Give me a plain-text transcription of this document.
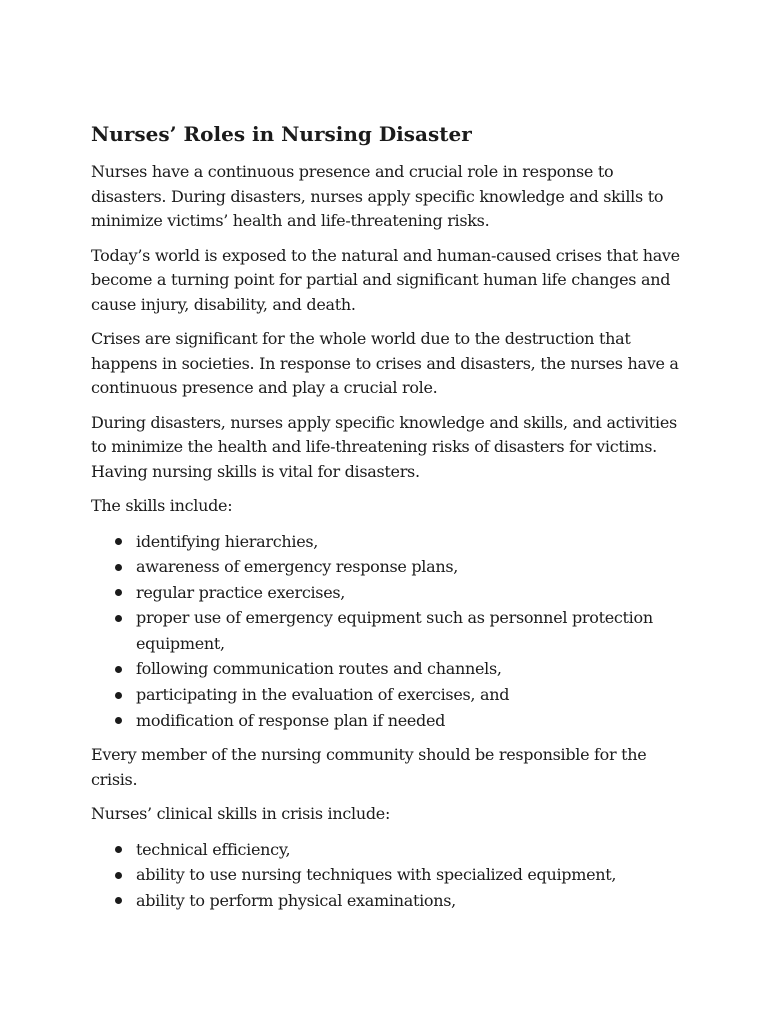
Nurses’ Roles in Nursing Disaster

Nurses have a continuous presence and crucial role in response to disasters. During disasters, nurses apply specific knowledge and skills to minimize victims’ health and life-threatening risks.

Today’s world is exposed to the natural and human-caused crises that have become a turning point for partial and significant human life changes and cause injury, disability, and death.

Crises are significant for the whole world due to the destruction that happens in societies. In response to crises and disasters, the nurses have a continuous presence and play a crucial role.

During disasters, nurses apply specific knowledge and skills, and activities to minimize the health and life-threatening risks of disasters for victims. Having nursing skills is vital for disasters.

The skills include:

identifying hierarchies,
awareness of emergency response plans,
regular practice exercises,
proper use of emergency equipment such as personnel protection equipment,
following communication routes and channels,
participating in the evaluation of exercises, and
modification of response plan if needed

Every member of the nursing community should be responsible for the crisis.

Nurses’ clinical skills in crisis include:

technical efficiency,
ability to use nursing techniques with specialized equipment,
ability to perform physical examinations,
